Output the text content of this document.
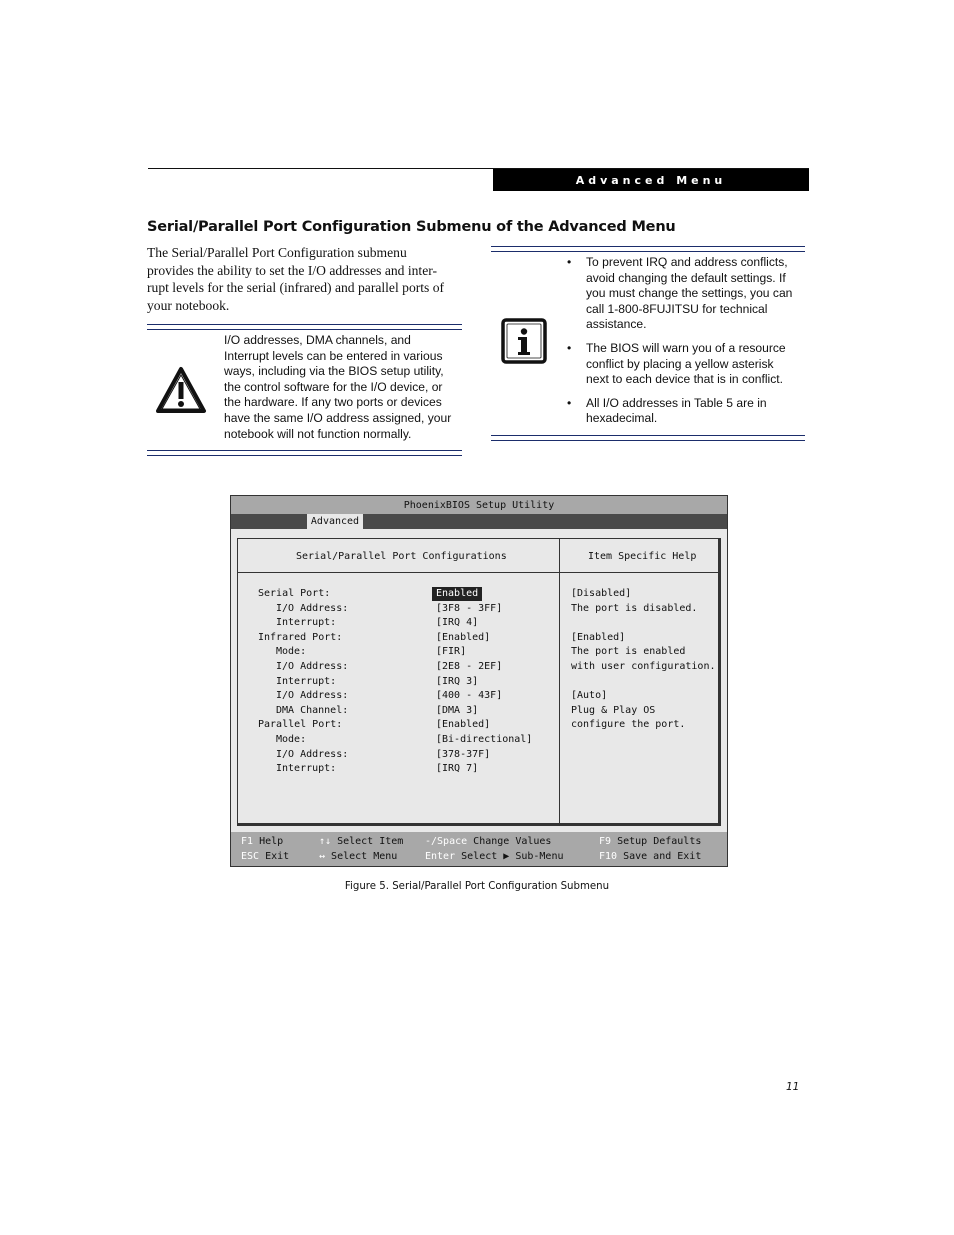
Advanced Menu
Serial/Parallel Port Configuration Submenu of the Advanced Menu
The Serial/Parallel Port Configuration submenu
provides the ability to set the I/O addresses and inter-
rupt levels for the serial (infrared) and parallel ports of
your notebook.
I/O addresses, DMA channels, and
Interrupt levels can be entered in various
ways, including via the BIOS setup utility,
the control software for the I/O device, or
the hardware. If any two ports or devices
have the same I/O address assigned, your
notebook will not function normally.
• To prevent IRQ and address conflicts,
avoid changing the default settings. If
you must change the settings, you can
call 1-800-8FUJITSU for technical
assistance.
• The BIOS will warn you of a resource
conflict by placing a yellow asterisk
next to each device that is in conflict.
• All I/O addresses in Table 5 are in
hexadecimal.
PhoenixBIOS Setup Utility
Advanced
Serial/Parallel Port Configurations	Item Specific Help
Serial Port:	Enabled
I/O Address:	[3F8 - 3FF]
Interrupt:	[IRQ 4]
Infrared Port:	[Enabled]
Mode:	[FIR]
I/O Address:	[2E8 - 2EF]
Interrupt:	[IRQ 3]
I/O Address:	[400 - 43F]
DMA Channel:	[DMA 3]
Parallel Port:	[Enabled]
Mode:	[Bi-directional]
I/O Address:	[378-37F]
Interrupt:	[IRQ 7]
[Disabled]
The port is disabled.
[Enabled]
The port is enabled
with user configuration.
[Auto]
Plug & Play OS
configure the port.
F1 Help	↑↓ Select Item -/Space Change Values	F9 Setup Defaults
ESC Exit	↔ Select Menu	Enter Select ▶ Sub-Menu	F10 Save and Exit
Figure 5. Serial/Parallel Port Configuration Submenu
11
